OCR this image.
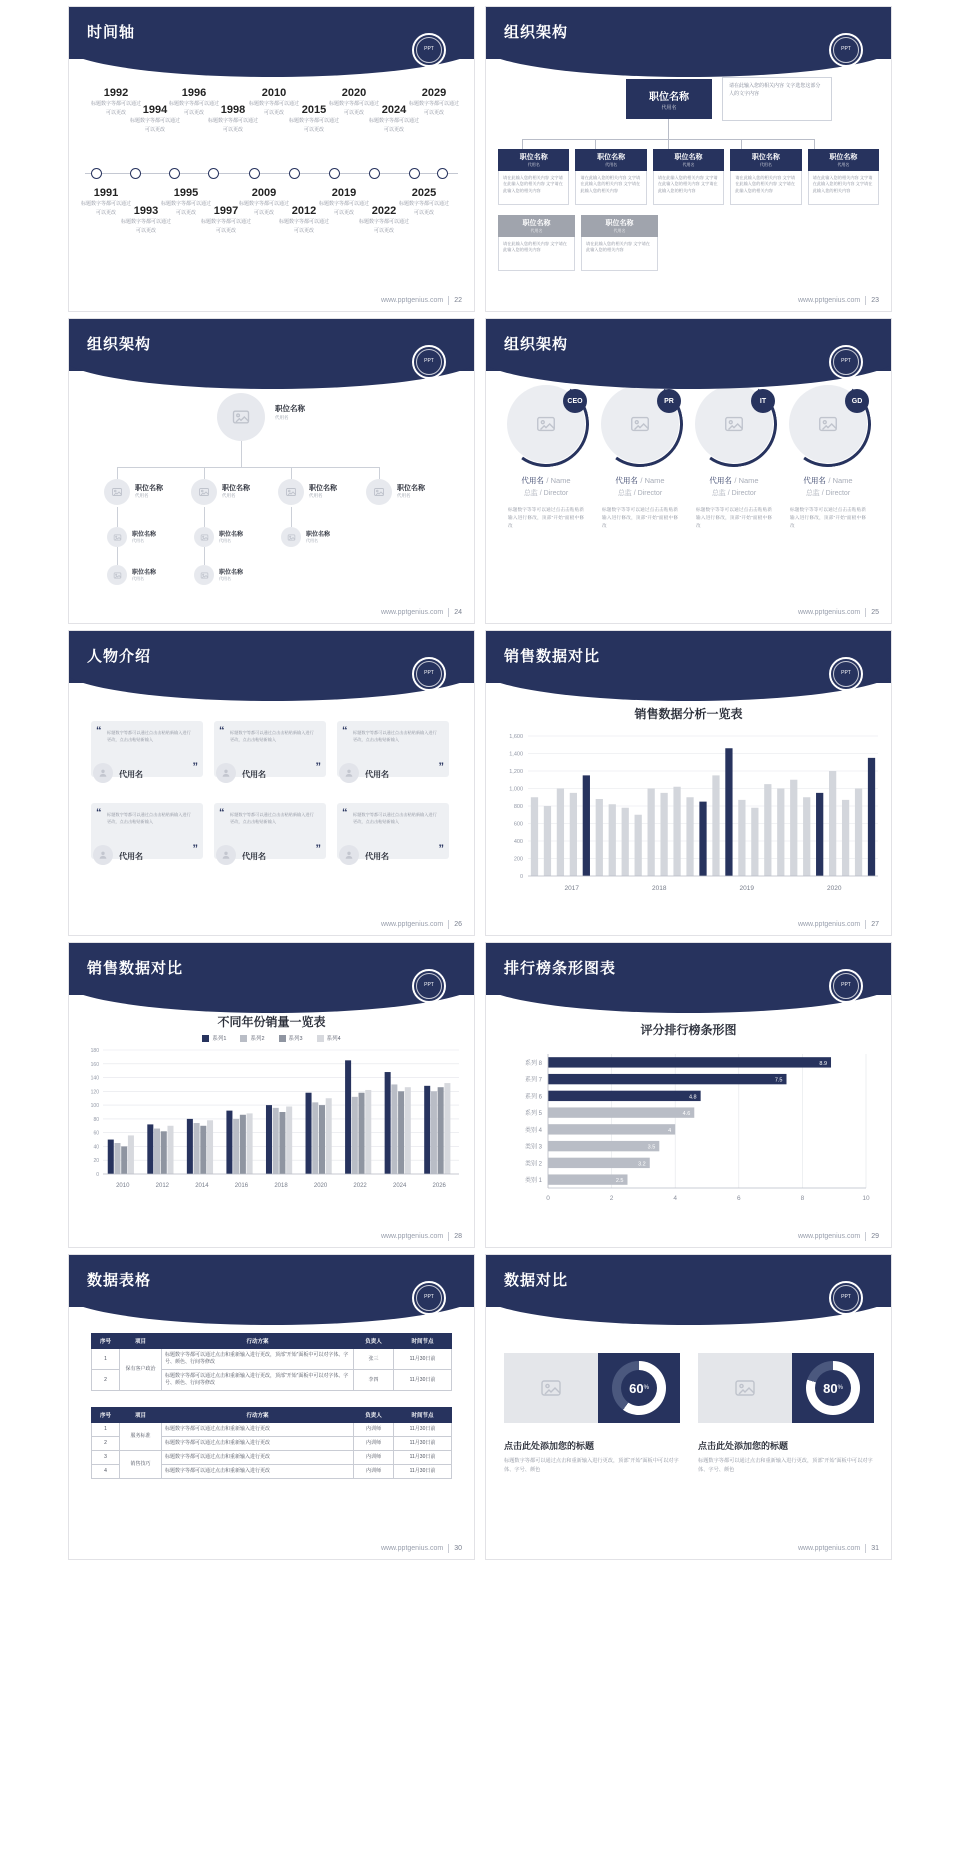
时间轴
PPT
1992
标题数字等都可以通过
可以更改	1994
标题数字等都可以通过
可以更改
1996
标题数字等都可以通过
可以更改	1998
标题数字等都可以通过
可以更改
2010
标题数字等都可以通过
可以更改	2015
标题数字等都可以通过
可以更改
2020
标题数字等都可以通过
可以更改	2024
标题数字等都可以通过
可以更改
2029
标题数字等都可以通过
可以更改
1991
标题数字等都可以通过
可以更改	1993
标题数字等都可以通过
可以更改
1995
标题数字等都可以通过
可以更改	1997
标题数字等都可以通过
可以更改
2009
标题数字等都可以通过
可以更改	2012
标题数字等都可以通过
可以更改
2019
标题数字等都可以通过
可以更改	2022
标题数字等都可以通过
可以更改
2025
标题数字等都可以通过
可以更改
www.pptgenius.com 22
组织架构
PPT
职位名称
代用名
请在此输入您的相关内容 文字选您这部分人的文字内容
职位名称
代用名
请在此输入您的相关内容 文字请在此输入您的相关内容 文字请在此输入您的相关内容
职位名称
代用名
请在此输入您的相关内容 文字请在此输入您的相关内容 文字请在此输入您的相关内容
职位名称
代用名
请在此输入您的相关内容 文字请在此输入您的相关内容 文字请在此输入您的相关内容
职位名称
代用名
请在此输入您的相关内容 文字请在此输入您的相关内容 文字请在此输入您的相关内容
职位名称
代用名
请在此输入您的相关内容 文字请在此输入您的相关内容 文字请在此输入您的相关内容
职位名称
代用名
请在此输入您的相关内容 文字请在此输入您的相关内容
职位名称
代用名
请在此输入您的相关内容 文字请在此输入您的相关内容
www.pptgenius.com 23
组织架构
PPT
职位名称
代用名
职位名称
代用名
职位名称
代用名
职位名称
代用名
职位名称
代用名
职位名称
代用名
职位名称
代用名
职位名称
代用名
职位名称
代用名
职位名称
代用名
www.pptgenius.com 24
组织架构
PPT
CEO
代用名 / Name
总监 / Director
标题数字等等可以通过点击击粘贴新输入进行修改，顶部“开始”面板中修改
PR
代用名 / Name
总监 / Director
标题数字等等可以通过点击击粘贴新输入进行修改，顶部“开始”面板中修改
IT
代用名 / Name
总监 / Director
标题数字等等可以通过点击击粘贴新输入进行修改，顶部“开始”面板中修改
GD
代用名 / Name
总监 / Director
标题数字等等可以通过点击击粘贴新输入进行修改，顶部“开始”面板中修改
www.pptgenius.com 25
人物介绍
PPT
“ 标题数字等都可以通过点击击粘贴新输入进行更改，点击击粘贴新输入
”
代用名
“ 标题数字等都可以通过点击击粘贴新输入进行更改，点击击粘贴新输入
”
代用名
“ 标题数字等都可以通过点击击粘贴新输入进行更改，点击击粘贴新输入
”
代用名
“ 标题数字等都可以通过点击击粘贴新输入进行更改，点击击粘贴新输入
”
代用名
“ 标题数字等都可以通过点击击粘贴新输入进行更改，点击击粘贴新输入
”
代用名
“ 标题数字等都可以通过点击击粘贴新输入进行更改，点击击粘贴新输入
”
代用名
www.pptgenius.com 26
销售数据对比
PPT
销售数据分析一览表
0
200
400
600
800
1,000
1,200
1,400
1,600
2017	2018	2019	2020
www.pptgenius.com 27
销售数据对比
PPT
不同年份销量一览表
系列1	系列2	系列3	系列4
0
20
40
60
80
100
120
140
160
180
2010	2012	2014	2016	2018	2020	2022	2024	2026
www.pptgenius.com 28
排行榜条形图表
PPT
评分排行榜条形图
0	2	4	6	8	10
8.9
系列 8
7.5
系列 7
4.8
系列 6
4.6
系列 5
4
类别 4
3.5
类别 3
3.2
类别 2
2.5
类别 1
www.pptgenius.com 29
数据表格
PPT
序号	项目	行动方案	负责人	时间节点
1	保有客户政治	标题数字等都可以通过点击和重新输入进行更改，顶部“开始”面板中可以对字体、字号、颜色、行间等修改	张三	11月30日前
2		标题数字等都可以通过点击和重新输入进行更改，顶部“开始”面板中可以对字体、字号、颜色、行间等修改	李四	11月30日前
序号	项目	行动方案	负责人	时间节点
1	服务标准	标题数字等都可以通过点击和重新输入进行更改	内训师	11月30日前
2		标题数字等都可以通过点击和重新输入进行更改	内训师	11月30日前
3	销售技巧	标题数字等都可以通过点击和重新输入进行更改	内训师	11月30日前
4		标题数字等都可以通过点击和重新输入进行更改	内训师	11月30日前
www.pptgenius.com 30
数据对比
PPT
60 %
点击此处添加您的标题
标题数字等都可以通过点击和重新输入进行更改，顶部“开始”面板中可以对字体、字号、颜色
80 %
点击此处添加您的标题
标题数字等都可以通过点击和重新输入进行更改，顶部“开始”面板中可以对字体、字号、颜色
www.pptgenius.com 31
